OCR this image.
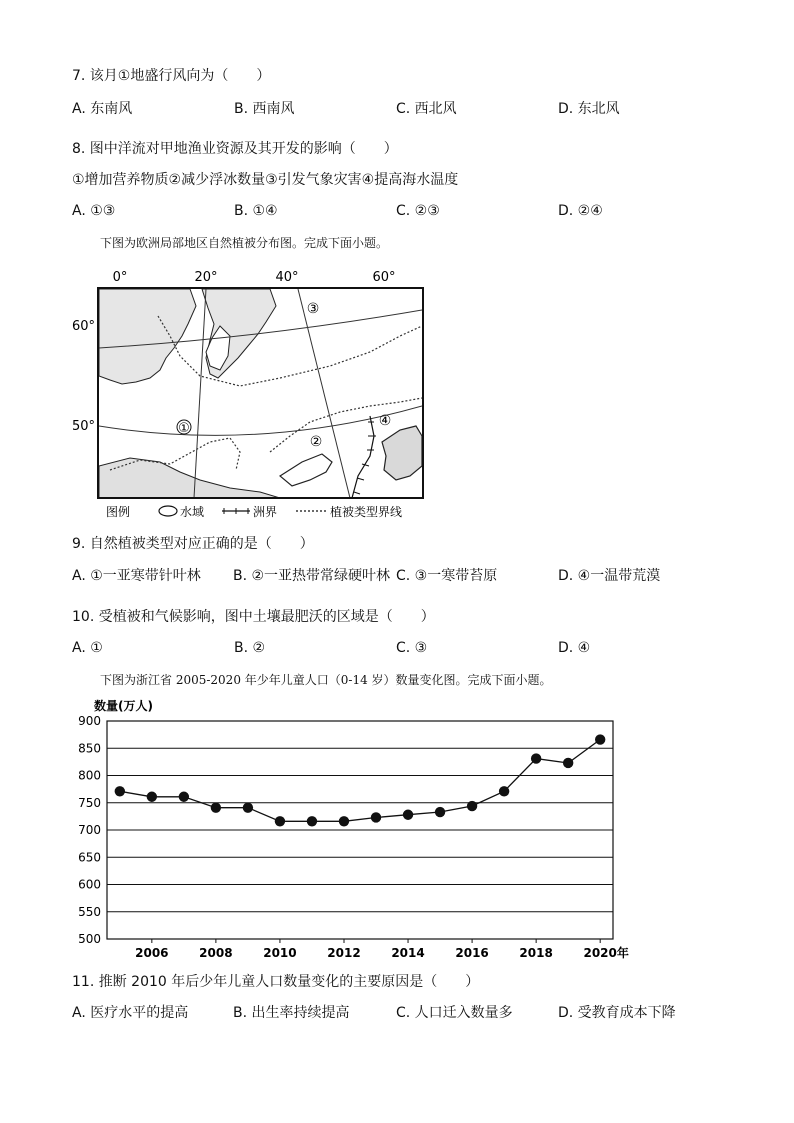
7. 该月①地盛行风向为（　　）
A. 东南风	B. 西南风	C. 西北风	D. 东北风
8. 图中洋流对甲地渔业资源及其开发的影响（　　）
①增加营养物质②减少浮冰数量③引发气象灾害④提高海水温度
A. ①③	B. ①④	C. ②③	D. ②④
下图为欧洲局部地区自然植被分布图。完成下面小题。
0°	20°	40°	60°
60°
50°	①
②
③
④
图例	水域	洲界	植被类型界线
9. 自然植被类型对应正确的是（　　）
A. ①一亚寒带针叶林 B. ②一亚热带常绿硬叶林 C. ③一寒带苔原	D. ④一温带荒漠
10. 受植被和气候影响，图中土壤最肥沃的区域是（　　）
A. ①	B. ②	C. ③	D. ④
下图为浙江省 2005-2020 年少年儿童人口（0-14 岁）数量变化图。完成下面小题。
数量(万人)
900
850
800
750
700
650
600
550
500
2006	2008	2010	2012	2014	2016	2018	2020年
11. 推断 2010 年后少年儿童人口数量变化的主要原因是（　　）
A. 医疗水平的提高	B. 出生率持续提高	C. 人口迁入数量多	D. 受教育成本下降
